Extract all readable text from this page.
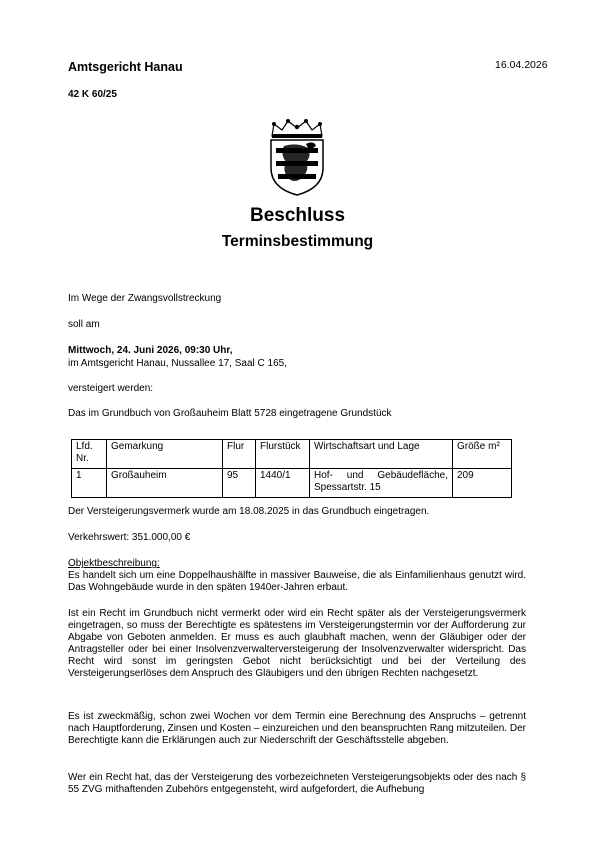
Amtsgericht Hanau	16.04.2026
42 K 60/25
Beschluss
Terminsbestimmung
Im Wege der Zwangsvollstreckung
soll am
Mittwoch, 24. Juni 2026, 09:30 Uhr,
im Amtsgericht Hanau, Nussallee 17, Saal C 165,
versteigert werden:
Das im Grundbuch von Großauheim Blatt 5728 eingetragene Grundstück
Lfd. Nr.	Gemarkung	Flur	Flurstück	Wirtschaftsart und Lage	Größe m²
1	Großauheim	95	1440/1	Hof- und Gebäudefläche, Spessartstr. 15	209
Der Versteigerungsvermerk wurde am 18.08.2025 in das Grundbuch eingetragen.
Verkehrswert: 351.000,00 €
Objektbeschreibung:
Es handelt sich um eine Doppelhaushälfte in massiver Bauweise, die als Einfamilienhaus genutzt wird. Das Wohngebäude wurde in den späten 1940er-Jahren erbaut.
Ist ein Recht im Grundbuch nicht vermerkt oder wird ein Recht später als der Versteigerungsvermerk eingetragen, so muss der Berechtigte es spätestens im Versteigerungstermin vor der Aufforderung zur Abgabe von Geboten anmelden. Er muss es auch glaubhaft machen, wenn der Gläubiger oder der Antragsteller oder bei einer Insolvenzverwalterversteigerung der Insolvenzverwalter widerspricht. Das Recht wird sonst im geringsten Gebot nicht berücksichtigt und bei der Verteilung des Versteigerungserlöses dem Anspruch des Gläubigers und den übrigen Rechten nachgesetzt.
Es ist zweckmäßig, schon zwei Wochen vor dem Termin eine Berechnung des Anspruchs – getrennt nach Hauptforderung, Zinsen und Kosten – einzureichen und den beanspruchten Rang mitzuteilen. Der Berechtigte kann die Erklärungen auch zur Niederschrift der Geschäftsstelle abgeben.
Wer ein Recht hat, das der Versteigerung des vorbezeichneten Versteigerungsobjekts oder des nach § 55 ZVG mithaftenden Zubehörs entgegensteht, wird aufgefordert, die Aufhebung
